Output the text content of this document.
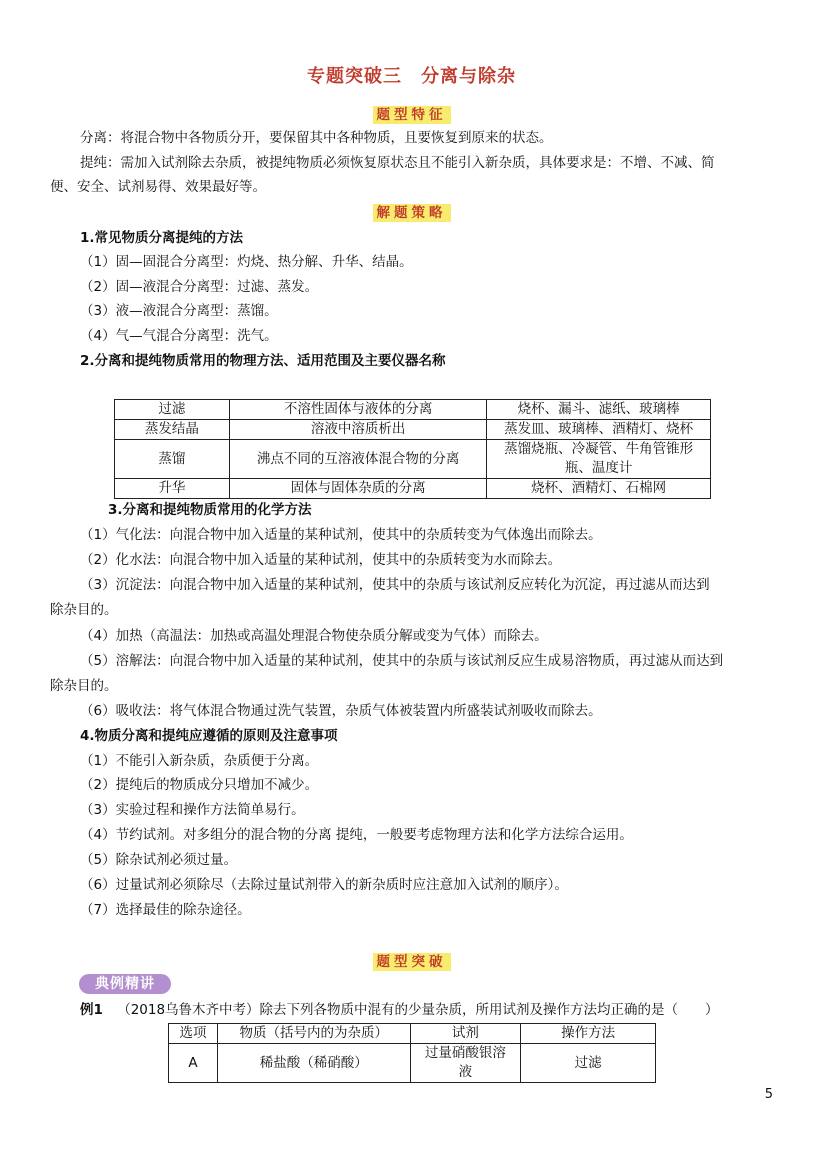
专题突破三　分离与除杂
题型特征
分离：将混合物中各物质分开，要保留其中各种物质，且要恢复到原来的状态。
提纯：需加入试剂除去杂质，被提纯物质必须恢复原状态且不能引入新杂质，具体要求是：不增、不减、简
便、安全、试剂易得、效果最好等。
解题策略
1.常见物质分离提纯的方法
（1）固—固混合分离型：灼烧、热分解、升华、结晶。
（2）固—液混合分离型：过滤、蒸发。
（3）液—液混合分离型：蒸馏。
（4）气—气混合分离型：洗气。
2.分离和提纯物质常用的物理方法、适用范围及主要仪器名称
过滤	不溶性固体与液体的分离	烧杯、漏斗、滤纸、玻璃棒
蒸发结晶	溶液中溶质析出	蒸发皿、玻璃棒、酒精灯、烧杯
蒸馏	沸点不同的互溶液体混合物的分离	蒸馏烧瓶、冷凝管、牛角管锥形
瓶、温度计

升华	固体与固体杂质的分离	烧杯、酒精灯、石棉网
3.分离和提纯物质常用的化学方法
（1）气化法：向混合物中加入适量的某种试剂，使其中的杂质转变为气体逸出而除去。
（2）化水法：向混合物中加入适量的某种试剂，使其中的杂质转变为水而除去。
（3）沉淀法：向混合物中加入适量的某种试剂，使其中的杂质与该试剂反应转化为沉淀，再过滤从而达到
除杂目的。
（4）加热（高温法：加热或高温处理混合物使杂质分解或变为气体）而除去。
（5）溶解法：向混合物中加入适量的某种试剂，使其中的杂质与该试剂反应生成易溶物质，再过滤从而达到
除杂目的。
（6）吸收法：将气体混合物通过洗气装置，杂质气体被装置内所盛装试剂吸收而除去。
4.物质分离和提纯应遵循的原则及注意事项
（1）不能引入新杂质，杂质便于分离。
（2）提纯后的物质成分只增加不减少。
（3）实验过程和操作方法简单易行。
（4）节约试剂。对多组分的混合物的分离 提纯，一般要考虑物理方法和化学方法综合运用。
（5）除杂试剂必须过量。
（6）过量试剂必须除尽（去除过量试剂带入的新杂质时应注意加入试剂的顺序）。
（7）选择最佳的除杂途径。
题型突破
典例精讲
例1 （2018乌鲁木齐中考）除去下列各物质中混有的少量杂质，所用试剂及操作方法均正确的是（　　）
选项	物质（括号内的为杂质）	试剂	操作方法
A	稀盐酸（稀硝酸）	过量硝酸银溶
液	过滤
5
